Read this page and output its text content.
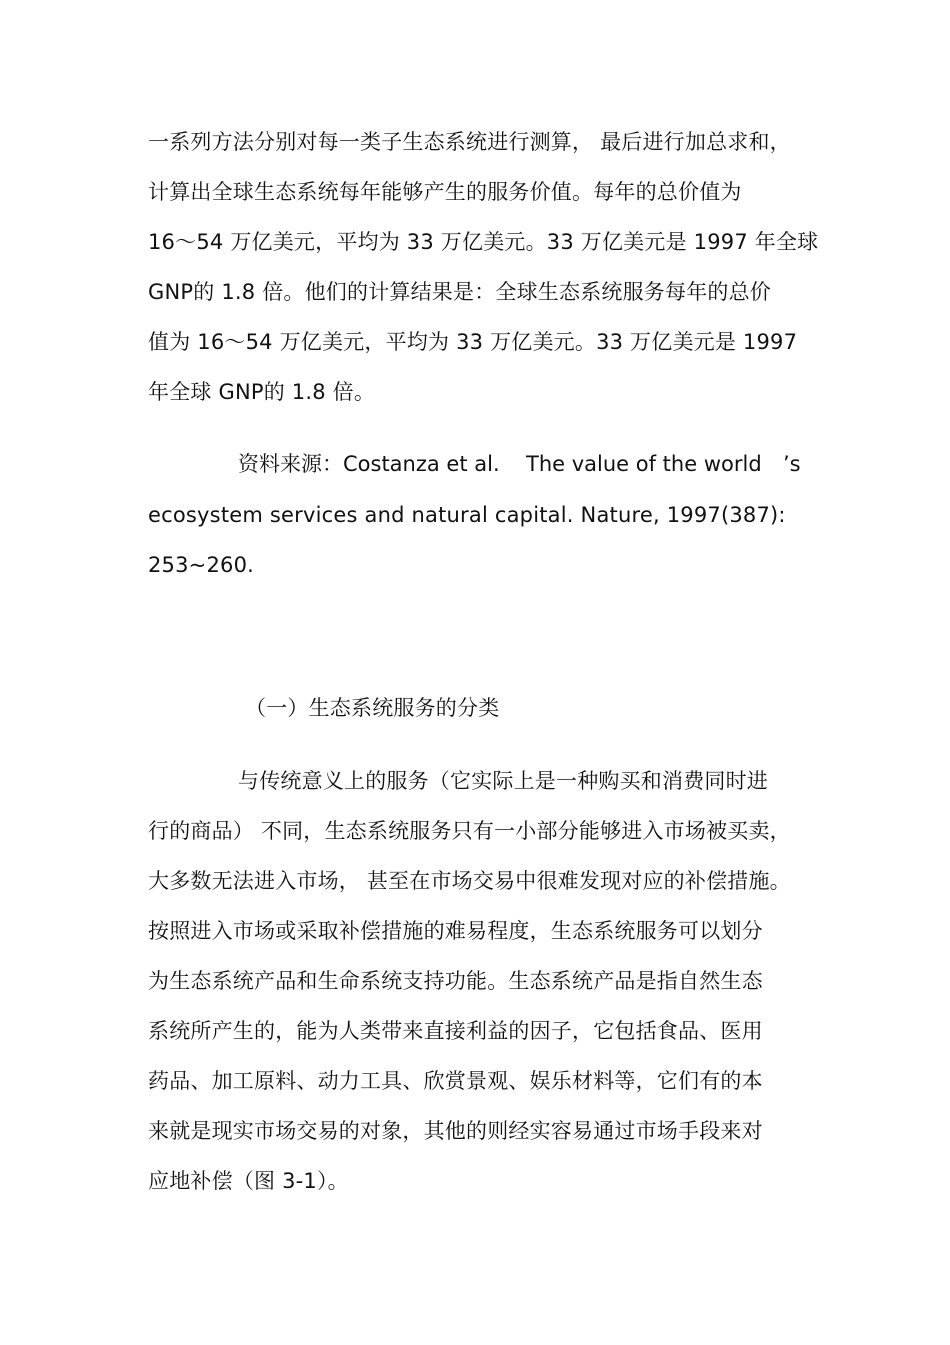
一系列方法分别对每一类子生态系统进行测算， 最后进行加总求和，
计算出全球生态系统每年能够产生的服务价值。每年的总价值为
16～54 万亿美元，平均为 33 万亿美元。33 万亿美元是 1997 年全球
GNP的 1.8 倍。他们的计算结果是：全球生态系统服务每年的总价
值为 16～54 万亿美元，平均为 33 万亿美元。33 万亿美元是 1997
年全球 GNP的 1.8 倍。
资料来源：Costanza et al. The value of the world ’s
ecosystem services and natural capital. Nature, 1997(387):
253~260.
（一）生态系统服务的分类
与传统意义上的服务（它实际上是一种购买和消费同时进
行的商品） 不同，生态系统服务只有一小部分能够进入市场被买卖，
大多数无法进入市场， 甚至在市场交易中很难发现对应的补偿措施。
按照进入市场或采取补偿措施的难易程度，生态系统服务可以划分
为生态系统产品和生命系统支持功能。生态系统产品是指自然生态
系统所产生的，能为人类带来直接利益的因子，它包括食品、医用
药品、加工原料、动力工具、欣赏景观、娱乐材料等，它们有的本
来就是现实市场交易的对象，其他的则经实容易通过市场手段来对
应地补偿（图 3-1）。
